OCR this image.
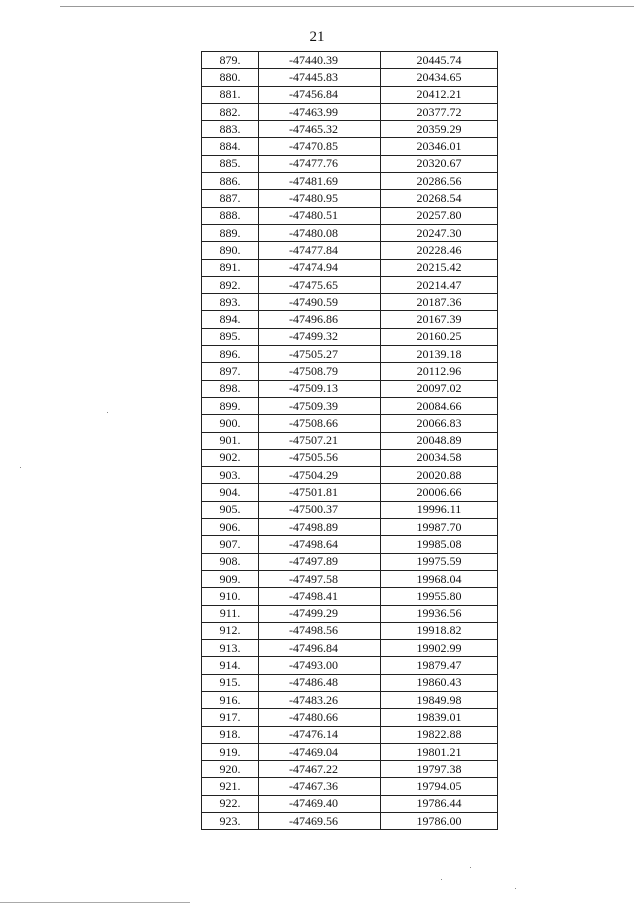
21
879.	-47440.39	20445.74
880.	-47445.83	20434.65
881.	-47456.84	20412.21
882.	-47463.99	20377.72
883.	-47465.32	20359.29
884.	-47470.85	20346.01
885.	-47477.76	20320.67
886.	-47481.69	20286.56
887.	-47480.95	20268.54
888.	-47480.51	20257.80
889.	-47480.08	20247.30
890.	-47477.84	20228.46
891.	-47474.94	20215.42
892.	-47475.65	20214.47
893.	-47490.59	20187.36
894.	-47496.86	20167.39
895.	-47499.32	20160.25
896.	-47505.27	20139.18
897.	-47508.79	20112.96
898.	-47509.13	20097.02
899.	-47509.39	20084.66
900.	-47508.66	20066.83
901.	-47507.21	20048.89
902.	-47505.56	20034.58
903.	-47504.29	20020.88
904.	-47501.81	20006.66
905.	-47500.37	19996.11
906.	-47498.89	19987.70
907.	-47498.64	19985.08
908.	-47497.89	19975.59
909.	-47497.58	19968.04
910.	-47498.41	19955.80
911.	-47499.29	19936.56
912.	-47498.56	19918.82
913.	-47496.84	19902.99
914.	-47493.00	19879.47
915.	-47486.48	19860.43
916.	-47483.26	19849.98
917.	-47480.66	19839.01
918.	-47476.14	19822.88
919.	-47469.04	19801.21
920.	-47467.22	19797.38
921.	-47467.36	19794.05
922.	-47469.40	19786.44
923.	-47469.56	19786.00
